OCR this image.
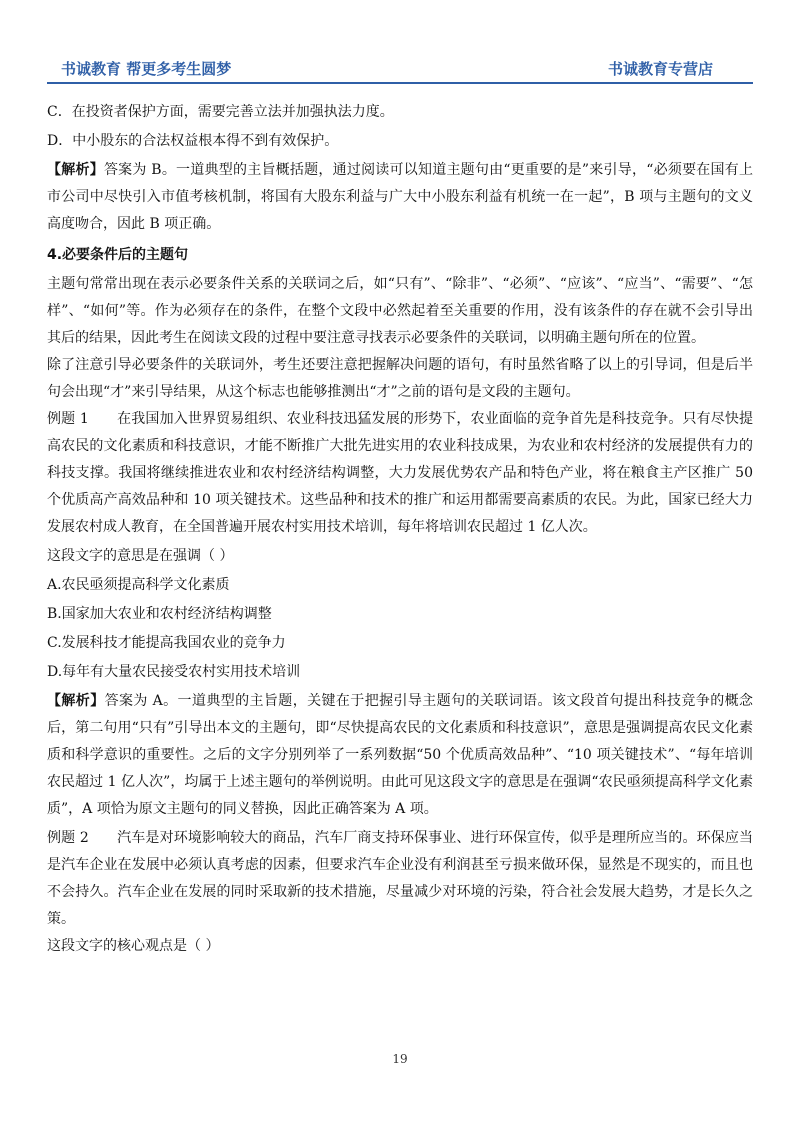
书诚教育 帮更多考生圆梦	书诚教育专营店

C．在投资者保护方面，需要完善立法并加强执法力度。

D．中小股东的合法权益根本得不到有效保护。

【解析】答案为 B。一道典型的主旨概括题，通过阅读可以知道主题句由“更重要的是”来引导，“必须要在国有上市公司中尽快引入市值考核机制，将国有大股东利益与广大中小股东利益有机统一在一起”，B 项与主题句的文义高度吻合，因此 B 项正确。

4.必要条件后的主题句

主题句常常出现在表示必要条件关系的关联词之后，如“只有”、“除非”、“必须”、“应该”、“应当”、“需要”、“怎样”、“如何”等。作为必须存在的条件，在整个文段中必然起着至关重要的作用，没有该条件的存在就不会引导出其后的结果，因此考生在阅读文段的过程中要注意寻找表示必要条件的关联词，以明确主题句所在的位置。

除了注意引导必要条件的关联词外，考生还要注意把握解决问题的语句，有时虽然省略了以上的引导词，但是后半句会出现“才”来引导结果，从这个标志也能够推测出“才”之前的语句是文段的主题句。

例题 1　　 在我国加入世界贸易组织、农业科技迅猛发展的形势下，农业面临的竞争首先是科技竞争。只有尽快提高农民的文化素质和科技意识，才能不断推广大批先进实用的农业科技成果，为农业和农村经济的发展提供有力的科技支撑。我国将继续推进农业和农村经济结构调整，大力发展优势农产品和特色产业，将在粮食主产区推广 50 个优质高产高效品种和 10 项关键技术。这些品种和技术的推广和运用都需要高素质的农民。为此，国家已经大力发展农村成人教育，在全国普遍开展农村实用技术培训，每年将培训农民超过 1 亿人次。

这段文字的意思是在强调（ ）

A.农民亟须提高科学文化素质

B.国家加大农业和农村经济结构调整

C.发展科技才能提高我国农业的竞争力

D.每年有大量农民接受农村实用技术培训

【解析】答案为 A。一道典型的主旨题，关键在于把握引导主题句的关联词语。该文段首句提出科技竞争的概念后，第二句用“只有”引导出本文的主题句，即“尽快提高农民的文化素质和科技意识”，意思是强调提高农民文化素质和科学意识的重要性。之后的文字分别列举了一系列数据“50 个优质高效品种”、“10 项关键技术”、“每年培训农民超过 1 亿人次”，均属于上述主题句的举例说明。由此可见这段文字的意思是在强调“农民亟须提高科学文化素质”，A 项恰为原文主题句的同义替换，因此正确答案为 A 项。

例题 2　　 汽车是对环境影响较大的商品，汽车厂商支持环保事业、进行环保宣传，似乎是理所应当的。环保应当是汽车企业在发展中必须认真考虑的因素，但要求汽车企业没有利润甚至亏损来做环保，显然是不现实的，而且也不会持久。汽车企业在发展的同时采取新的技术措施，尽量减少对环境的污染，符合社会发展大趋势，才是长久之策。

这段文字的核心观点是（ ）

19
